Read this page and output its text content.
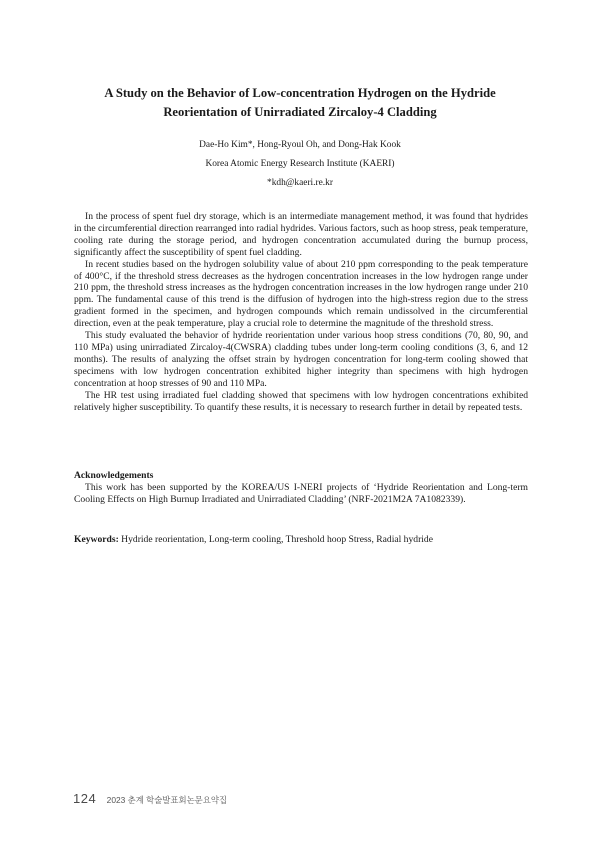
A Study on the Behavior of Low-concentration Hydrogen on the Hydride
Reorientation of Unirradiated Zircaloy-4 Cladding

Dae-Ho Kim*, Hong-Ryoul Oh, and Dong-Hak Kook

Korea Atomic Energy Research Institute (KAERI)

*kdh@kaeri.re.kr

In the process of spent fuel dry storage, which is an intermediate management method, it was found that hydrides in the circumferential direction rearranged into radial hydrides. Various factors, such as hoop stress, peak temperature, cooling rate during the storage period, and hydrogen concentration accumulated during the burnup process, significantly affect the susceptibility of spent fuel cladding.

In recent studies based on the hydrogen solubility value of about 210 ppm corresponding to the peak temperature of 400°C, if the threshold stress decreases as the hydrogen concentration increases in the low hydrogen range under 210 ppm, the threshold stress increases as the hydrogen concentration increases in the low hydrogen range under 210 ppm. The fundamental cause of this trend is the diffusion of hydrogen into the high-stress region due to the stress gradient formed in the specimen, and hydrogen compounds which remain undissolved in the circumferential direction, even at the peak temperature, play a crucial role to determine the magnitude of the threshold stress.

This study evaluated the behavior of hydride reorientation under various hoop stress conditions (70, 80, 90, and 110 MPa) using unirradiated Zircaloy-4(CWSRA) cladding tubes under long-term cooling conditions (3, 6, and 12 months). The results of analyzing the offset strain by hydrogen concentration for long-term cooling showed that specimens with low hydrogen concentration exhibited higher integrity than specimens with high hydrogen concentration at hoop stresses of 90 and 110 MPa.

The HR test using irradiated fuel cladding showed that specimens with low hydrogen concentrations exhibited relatively higher susceptibility. To quantify these results, it is necessary to research further in detail by repeated tests.

Acknowledgements

This work has been supported by the KOREA/US I-NERI projects of ‘Hydride Reorientation and Long-term Cooling Effects on High Burnup Irradiated and Unirradiated Cladding’ (NRF-2021M2A 7A1082339).

Keywords: Hydride reorientation, Long-term cooling, Threshold hoop Stress, Radial hydride

124 2023 춘계 학술발표회논문요약집
